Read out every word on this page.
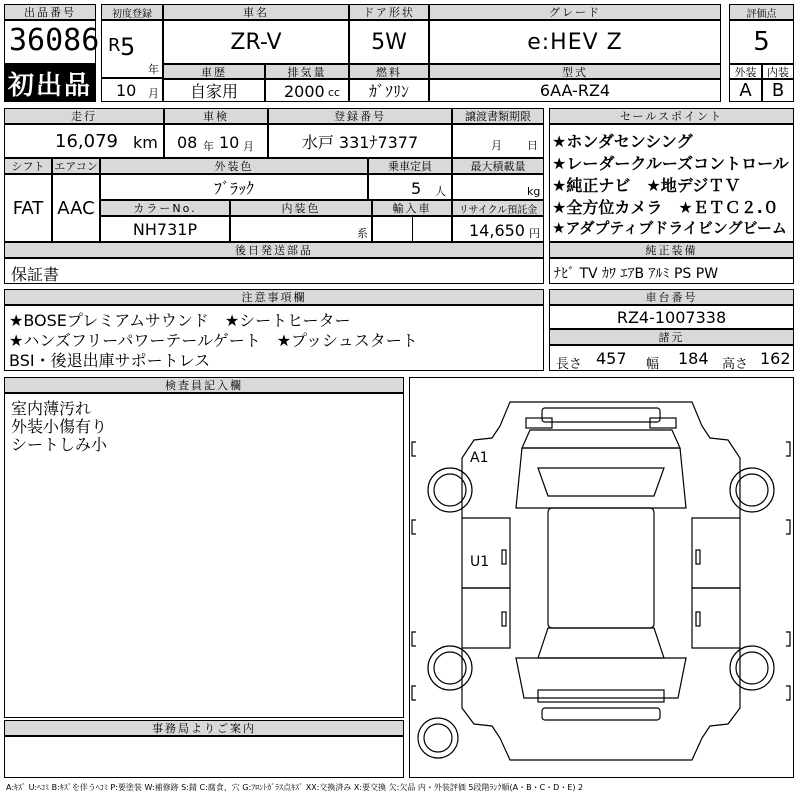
出品番号
36086
初出品
初度登録
R 5
年
車名
ZR-V
ドア形状
5W
グレード
e:HEV Z
評価点
5
車歴
自家用
10 月
排気量
2000 cc
燃料
ｶﾞｿﾘﾝ
型式
6AA-RZ4
外装 内装
A B
走行
16,079 km
車検
08 年 10 月
登録番号
水戸 331ﾅ7377
譲渡書類期限
月 日
シフト エアコン
FAT AAC
外装色
ﾌﾞﾗｯｸ
乗車定員
5 人
最大積載量
kg
カラーNo.
NH731P
内装色
系
輸入車	リサイクル預託金
14,650 円
後日発送部品
保証書
セールスポイント
★ホンダセンシング
★レーダークルーズコントロール
★純正ナビ　★地デジＴＶ
★全方位カメラ　★ＥＴＣ２.０
★アダプティブドライビングビーム
純正装備
ﾅﾋﾞ TV ｶﾜ ｴｱB ｱﾙﾐ PS PW
注意事項欄
★BOSEプレミアムサウンド　★シートヒーター
★ハンズフリーパワーテールゲート　★プッシュスタート
BSI・後退出庫サポートレス
車台番号
RZ4-1007338
諸元
長さ 457 幅 184 高さ 162
検査員記入欄
室内薄汚れ
外装小傷有り
シートしみ小
事務局よりご案内
A1
U1
A:ｷｽﾞ U:ﾍｺﾐ B:ｷｽﾞを伴うﾍｺﾐ P:要塗装 W:補修跡 S:錆 C:腐食、穴 G:ﾌﾛﾝﾄｶﾞﾗｽ点ｷｽﾞ XX:交換済み X:要交換 欠:欠品 内・外装評価 5段階ﾗﾝｸ順(A・B・C・D・E) 2
